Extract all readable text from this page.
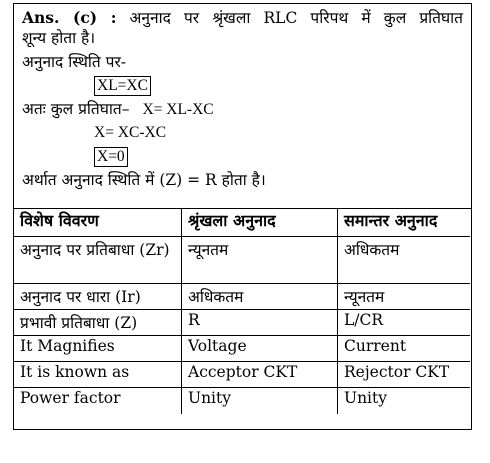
Ans. (c) : अनुनाद पर श्रृंखला RLC परिपथ में कुल प्रतिघात
शून्य होता है।
अनुनाद स्थिति पर-
XL=XC
अतः कुल प्रतिघात– X= XL-XC
X= XC-XC
X=0
अर्थात अनुनाद स्थिति में (Z) = R होता है।
विशेष विवरण	श्रृंखला अनुनाद	समान्तर अनुनाद
अनुनाद पर प्रतिबाधा (Zr)	न्यूनतम	अधिकतम
अनुनाद पर धारा (Ir)	अधिकतम	न्यूनतम
प्रभावी प्रतिबाधा (Z)	R	L/CR
It Magnifies	Voltage	Current
It is known as	Acceptor CKT	Rejector CKT
Power factor	Unity	Unity
